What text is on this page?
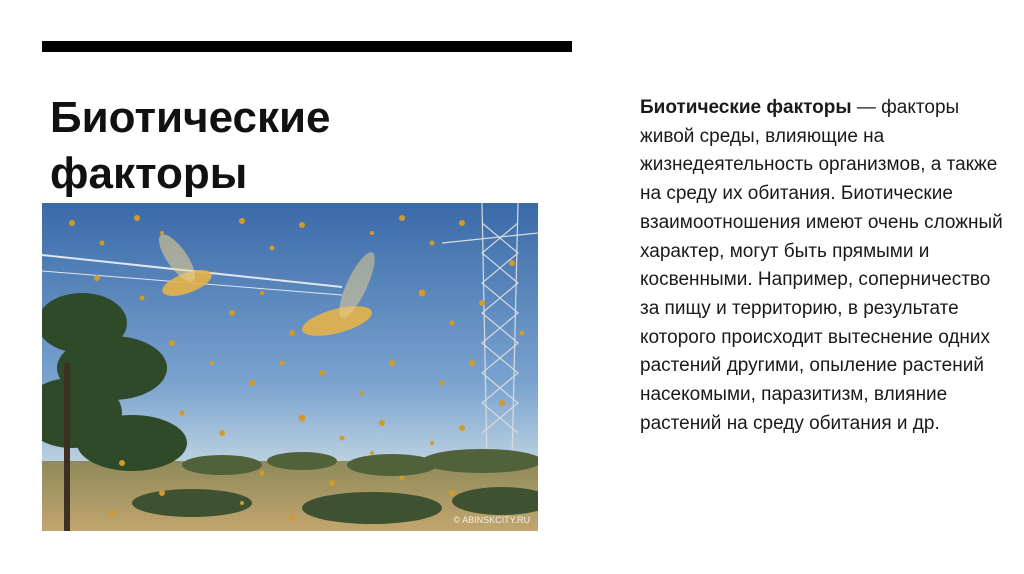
Биотические
факторы
© ABINSKCITY.RU

Биотические факторы — факторы живой среды, влияющие на жизнедеятельность организмов, а также на среду их обитания. Биотические взаимоотношения имеют очень сложный характер, могут быть прямыми и косвенными. Например, соперничество за пищу и территорию, в результате которого происходит вытеснение одних растений другими, опыление растений насекомыми, паразитизм, влияние растений на среду обитания и др.
